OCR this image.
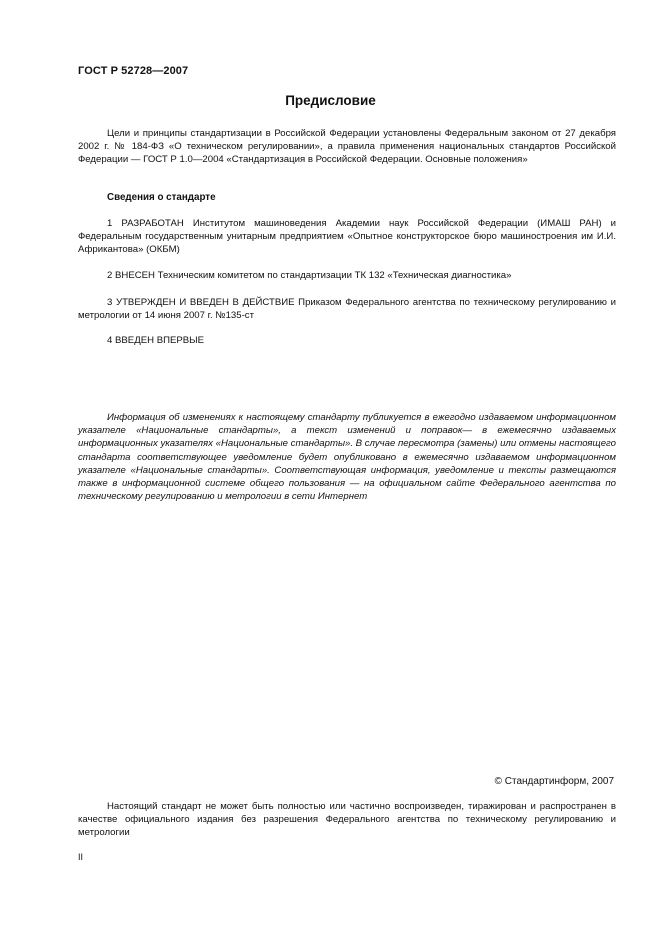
ГОСТ Р 52728—2007
Предисловие

Цели и принципы стандартизации в Российской Федерации установлены Федеральным законом от 27 декабря 2002 г. № 184-ФЗ «О техническом регулировании», а правила применения национальных стандартов Российской Федерации — ГОСТ Р 1.0—2004 «Стандартизация в Российской Федерации. Основные положения»

Сведения о стандарте

1 РАЗРАБОТАН Институтом машиноведения Академии наук Российской Федерации (ИМАШ РАН) и Федеральным государственным унитарным предприятием «Опытное конструкторское бюро машиностроения им И.И. Африкантова» (ОКБМ)

2 ВНЕСЕН Техническим комитетом по стандартизации ТК 132 «Техническая диагностика»

3 УТВЕРЖДЕН И ВВЕДЕН В ДЕЙСТВИЕ Приказом Федерального агентства по техническому регулированию и метрологии от 14 июня 2007 г. №135-ст

4 ВВЕДЕН ВПЕРВЫЕ

Информация об изменениях к настоящему стандарту публикуется в ежегодно издаваемом информационном указателе «Национальные стандарты», а текст изменений и поправок— в ежемесячно издаваемых информационных указателях «Национальные стандарты». В случае пересмотра (замены) или отмены настоящего стандарта соответствующее уведомление будет опубликовано в ежемесячно издаваемом информационном указателе «Национальные стандарты». Соответствующая информация, уведомление и тексты размещаются также в информационной системе общего пользования — на официальном сайте Федерального агентства по техническому регулированию и метрологии в сети Интернет

© Стандартинформ, 2007

Настоящий стандарт не может быть полностью или частично воспроизведен, тиражирован и распространен в качестве официального издания без разрешения Федерального агентства по техническому регулированию и метрологии

II
